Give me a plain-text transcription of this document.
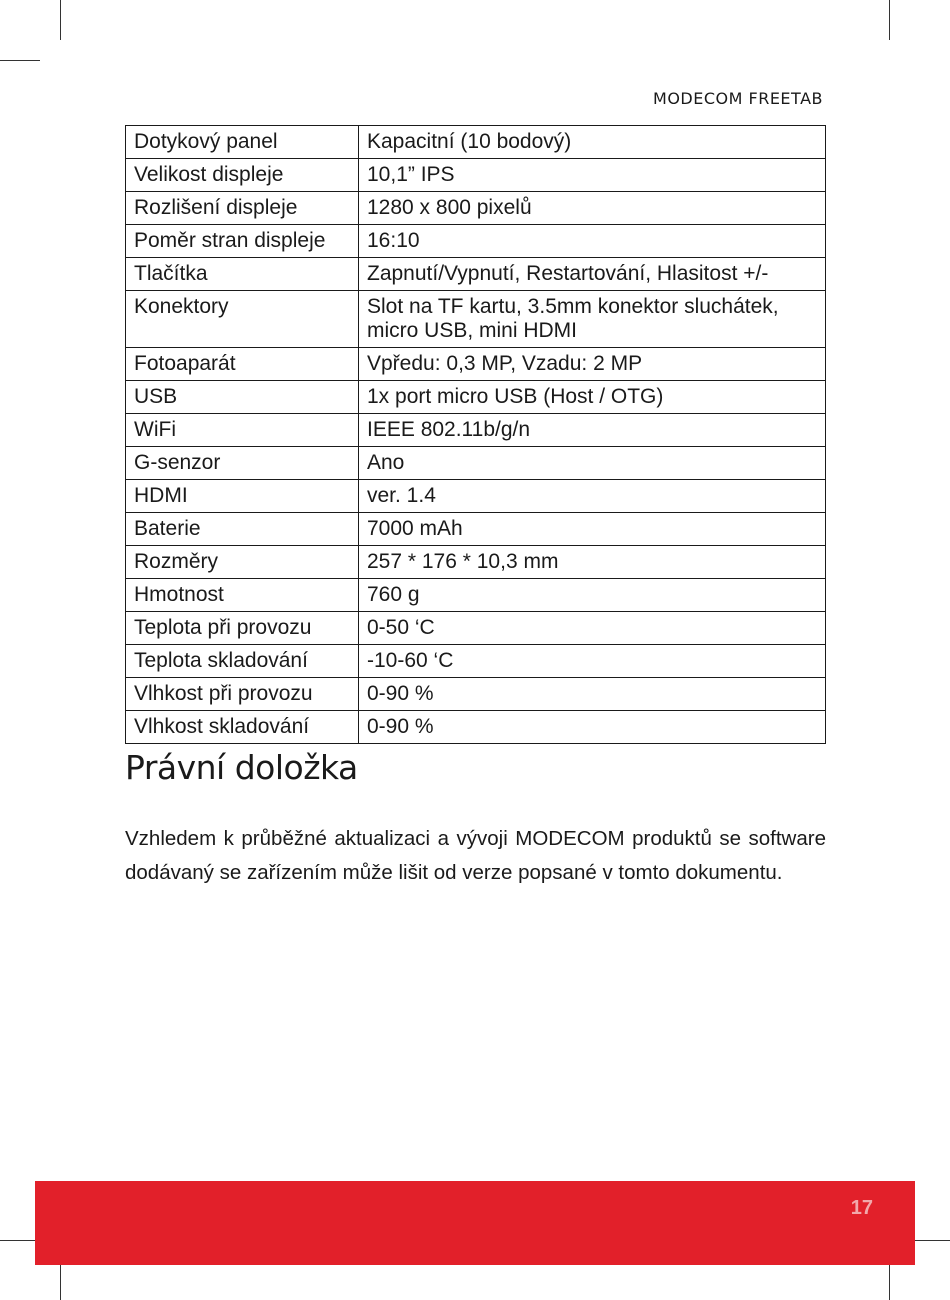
MODECOM FREETAB
Dotykový panel	Kapacitní (10 bodový)
Velikost displeje	10,1” IPS
Rozlišení displeje	1280 x 800 pixelů
Poměr stran displeje	16:10
Tlačítka	Zapnutí/Vypnutí, Restartování, Hlasitost +/-
Konektory	Slot na TF kartu, 3.5mm konektor sluchátek, micro USB, mini HDMI
Fotoaparát	Vpředu: 0,3 MP, Vzadu: 2 MP
USB	1x port micro USB (Host / OTG)
WiFi	IEEE 802.11b/g/n
G-senzor	Ano
HDMI	ver. 1.4
Baterie	7000 mAh
Rozměry	257 * 176 * 10,3 mm
Hmotnost	760 g
Teplota při provozu	0-50 ‘C
Teplota skladování	-10-60 ‘C
Vlhkost při provozu	0-90 %
Vlhkost skladování	0-90 %
Právní doložka

Vzhledem k průběžné aktualizaci a vývoji MODECOM produktů se software dodávaný se zařízením může lišit od verze popsané v tomto dokumentu.

17
